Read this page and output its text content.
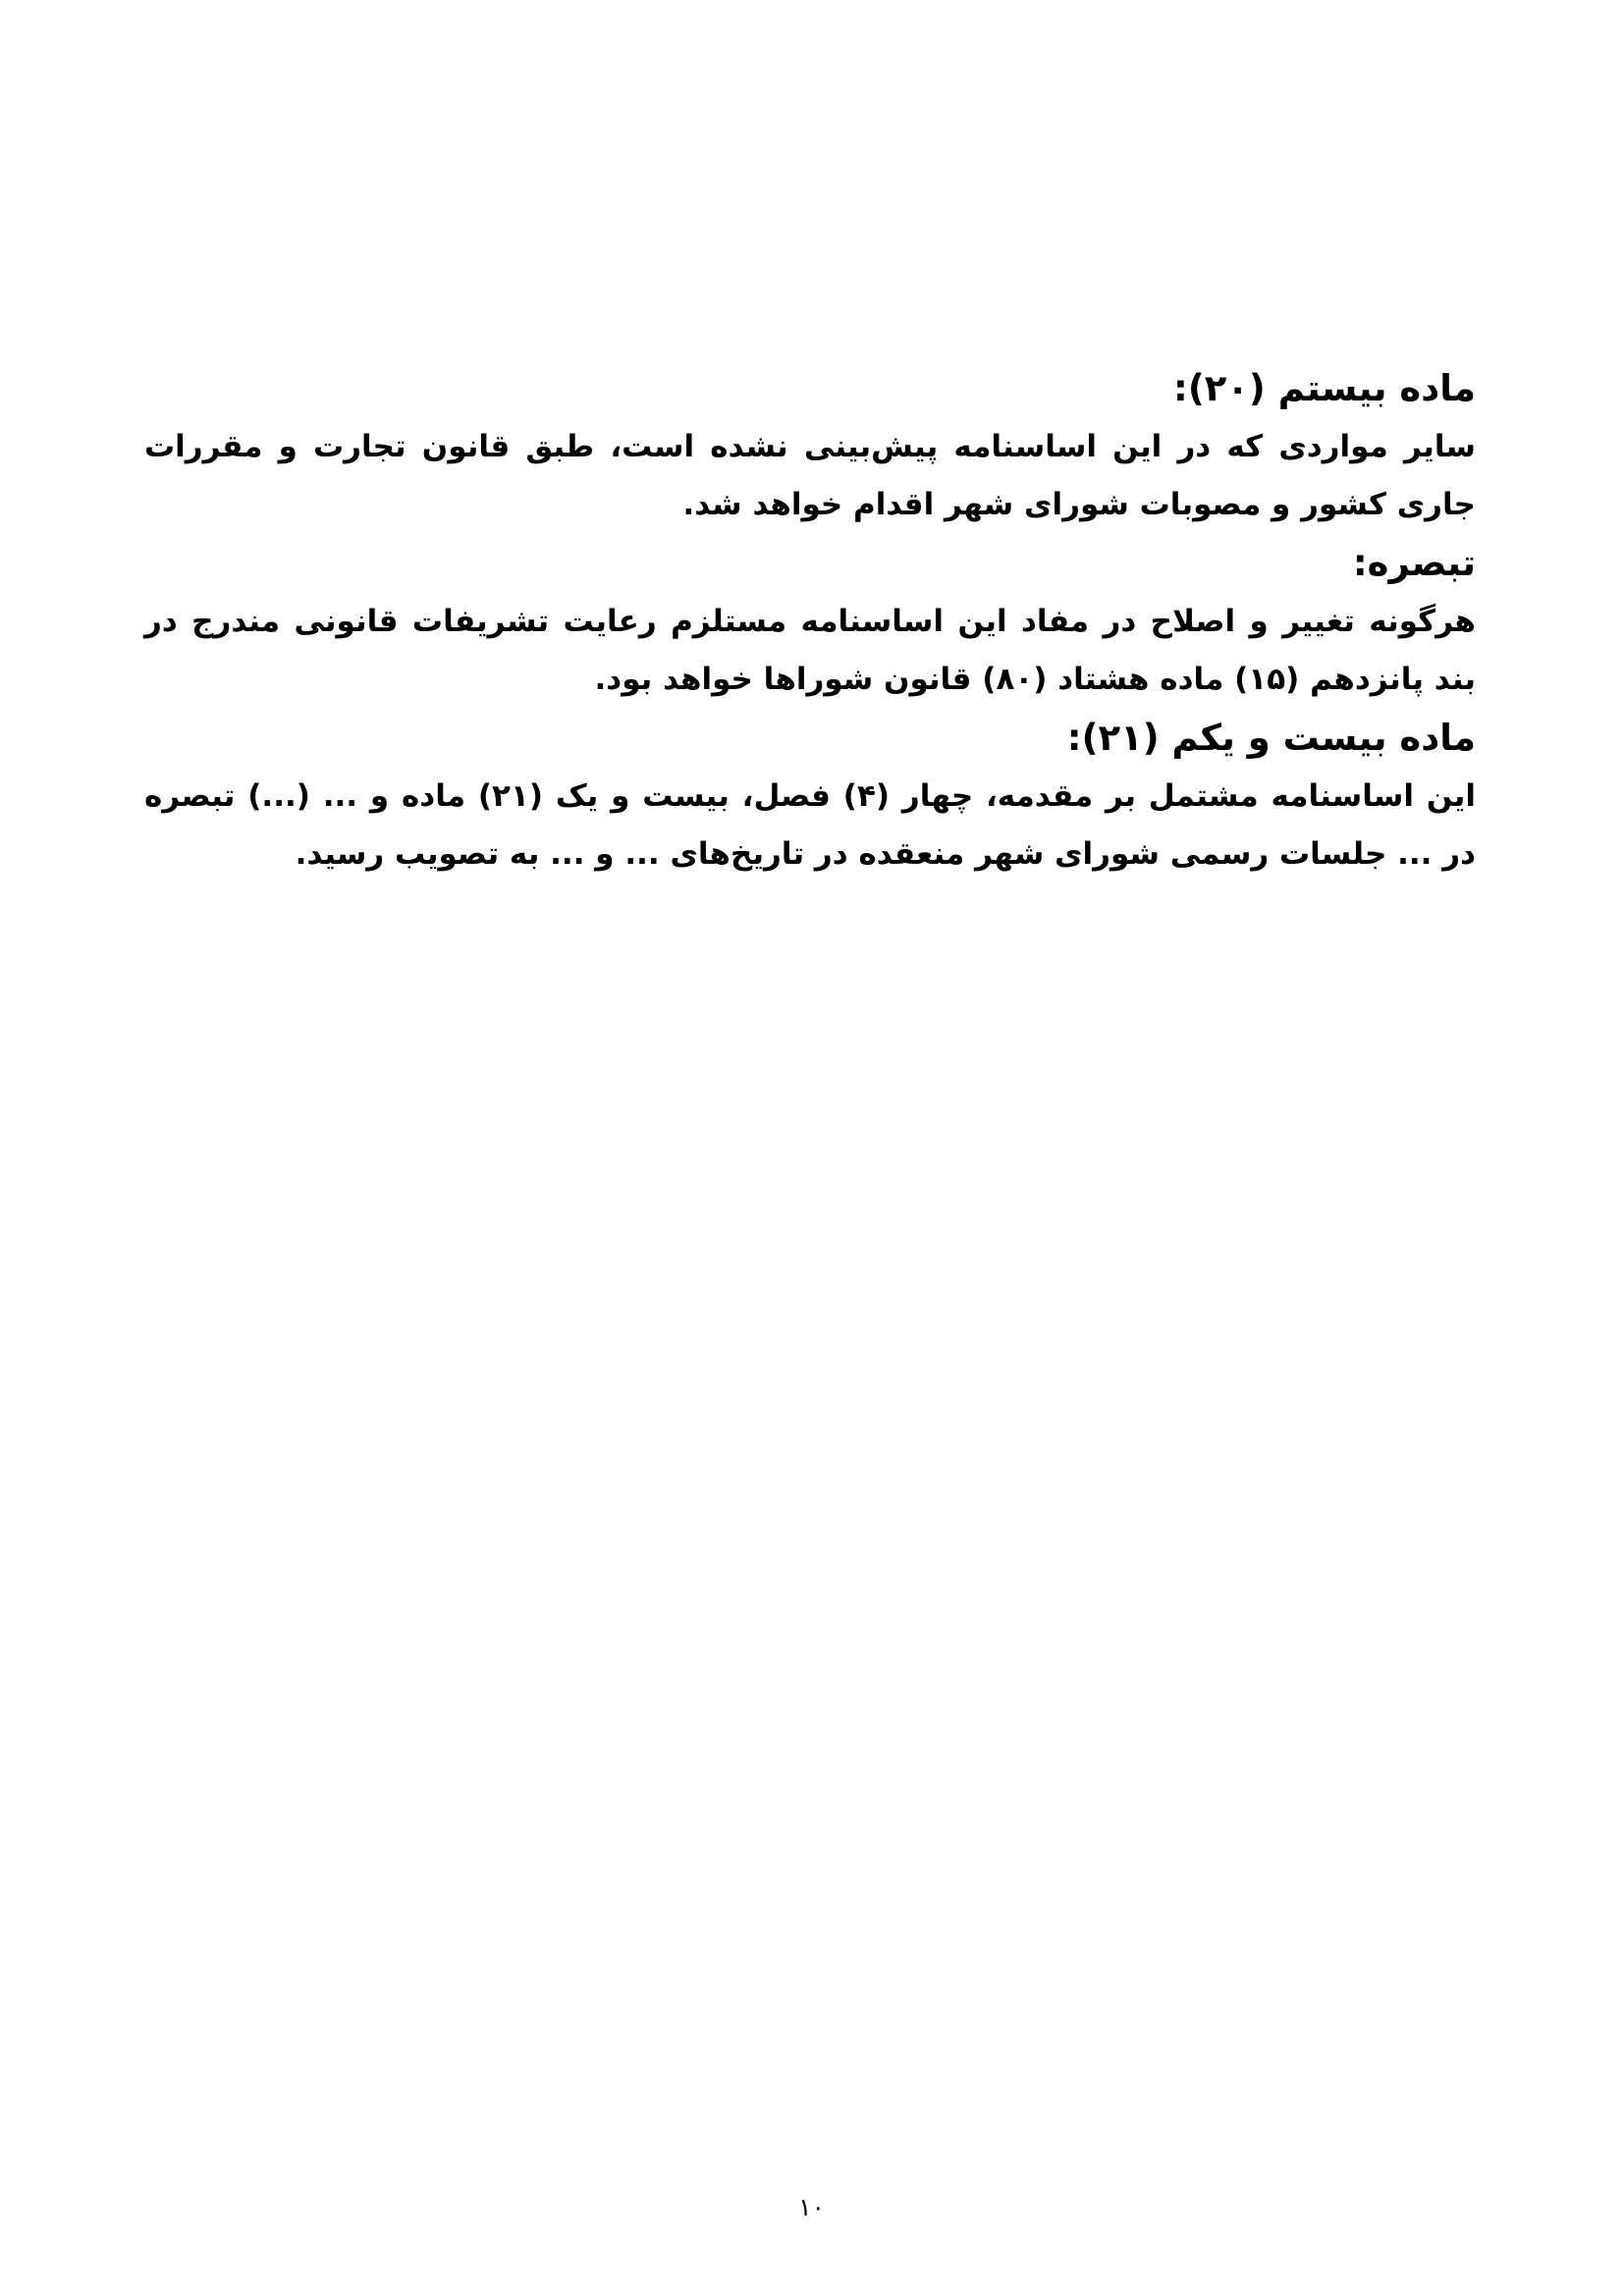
ماده بیستم (۲۰):

سایر مواردی که در این اساسنامه پیش‌بینی نشده است، طبق قانون تجارت و مقررات جاری کشور و مصوبات شورای شهر اقدام خواهد شد.

تبصره:

هرگونه تغییر و اصلاح در مفاد این اساسنامه مستلزم رعایت تشریفات قانونی مندرج در بند پانزدهم (۱۵) ماده هشتاد (۸۰) قانون شوراها خواهد بود.

ماده بیست و یکم (۲۱):

این اساسنامه مشتمل بر مقدمه، چهار (۴) فصل، بیست و یک (۲۱) ماده و ... (...) تبصره در ... جلسات رسمی شورای شهر منعقده در تاریخ‌های ... و ... به تصویب رسید.

۱۰
